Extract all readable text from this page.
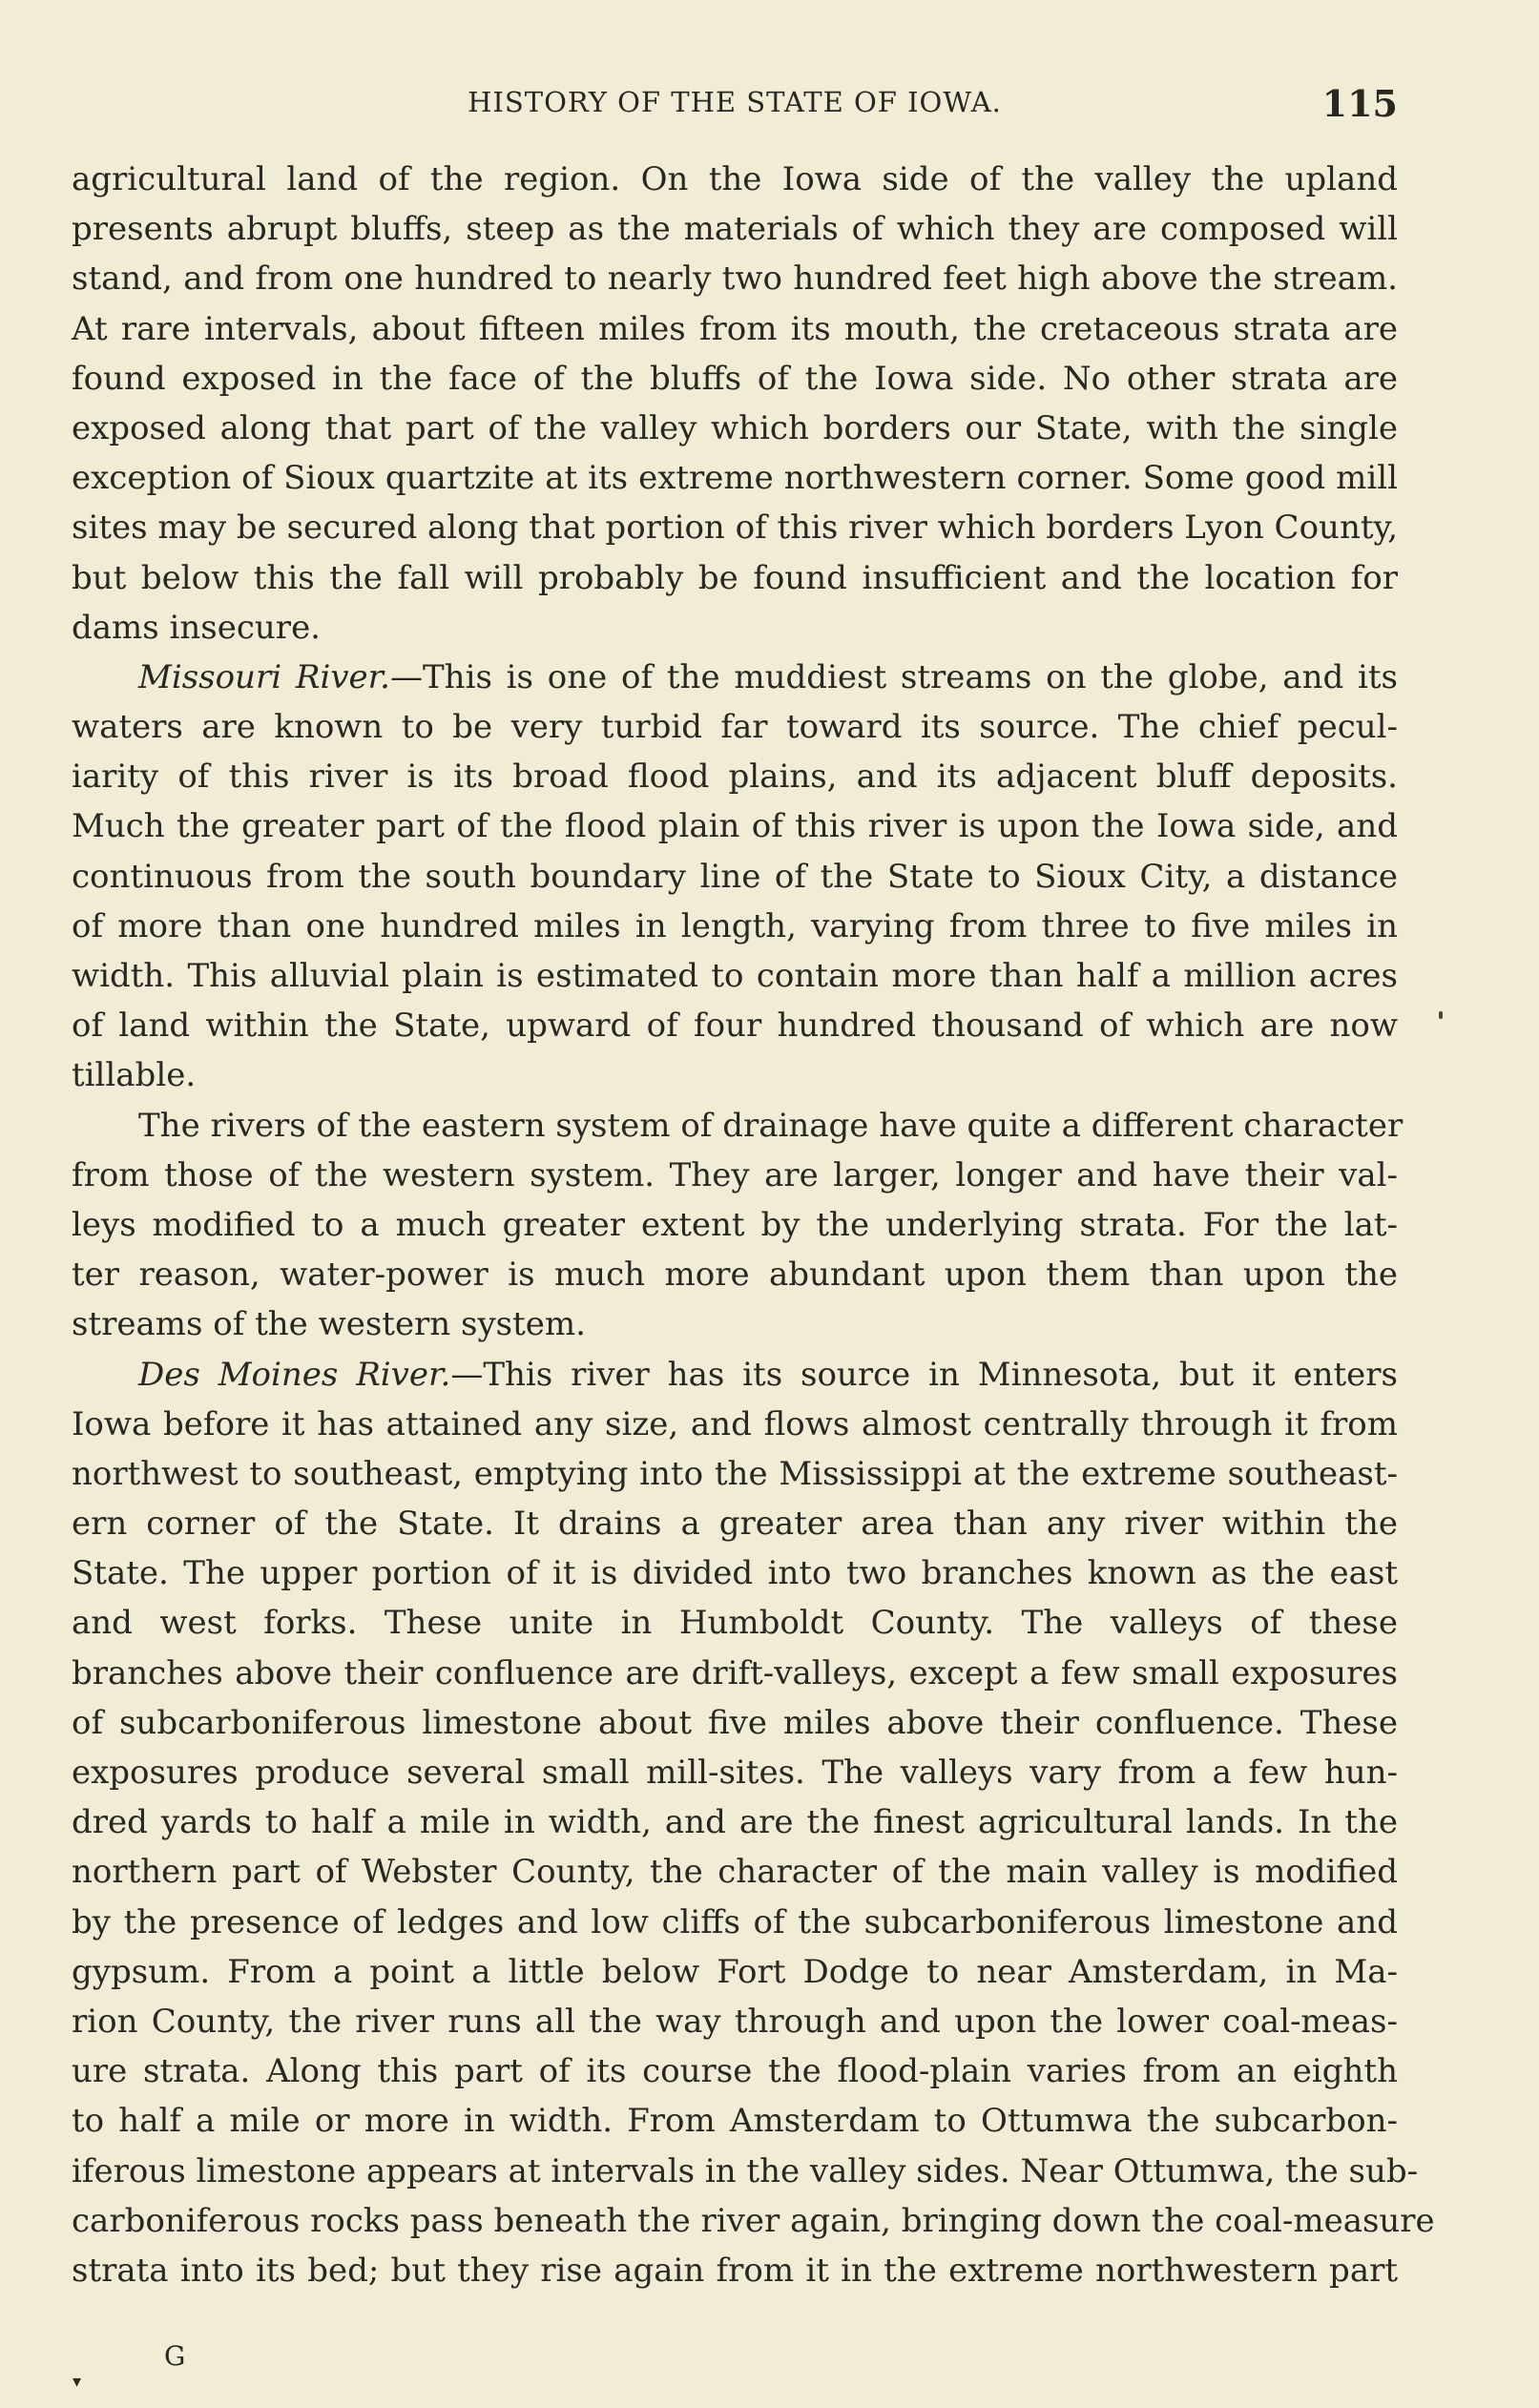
HISTORY OF THE STATE OF IOWA.	115
agricultural land of the region. On the Iowa side of the valley the upland
presents abrupt bluffs, steep as the materials of which they are composed will
stand, and from one hundred to nearly two hundred feet high above the stream.
At rare intervals, about fifteen miles from its mouth, the cretaceous strata are
found exposed in the face of the bluffs of the Iowa side. No other strata are
exposed along that part of the valley which borders our State, with the single
exception of Sioux quartzite at its extreme northwestern corner. Some good mill
sites may be secured along that portion of this river which borders Lyon County,
but below this the fall will probably be found insufficient and the location for
dams insecure.
Missouri River.—This is one of the muddiest streams on the globe, and its
waters are known to be very turbid far toward its source. The chief pecul-
iarity of this river is its broad flood plains, and its adjacent bluff deposits.
Much the greater part of the flood plain of this river is upon the Iowa side, and
continuous from the south boundary line of the State to Sioux City, a distance
of more than one hundred miles in length, varying from three to five miles in
width. This alluvial plain is estimated to contain more than half a million acres
of land within the State, upward of four hundred thousand of which are now
tillable.
The rivers of the eastern system of drainage have quite a different character
from those of the western system. They are larger, longer and have their val-
leys modified to a much greater extent by the underlying strata. For the lat-
ter reason, water-power is much more abundant upon them than upon the
streams of the western system.
Des Moines River.—This river has its source in Minnesota, but it enters
Iowa before it has attained any size, and flows almost centrally through it from
northwest to southeast, emptying into the Mississippi at the extreme southeast-
ern corner of the State. It drains a greater area than any river within the
State. The upper portion of it is divided into two branches known as the east
and west forks. These unite in Humboldt County. The valleys of these
branches above their confluence are drift-valleys, except a few small exposures
of subcarboniferous limestone about five miles above their confluence. These
exposures produce several small mill-sites. The valleys vary from a few hun-
dred yards to half a mile in width, and are the finest agricultural lands. In the
northern part of Webster County, the character of the main valley is modified
by the presence of ledges and low cliffs of the subcarboniferous limestone and
gypsum. From a point a little below Fort Dodge to near Amsterdam, in Ma-
rion County, the river runs all the way through and upon the lower coal-meas-
ure strata. Along this part of its course the flood-plain varies from an eighth
to half a mile or more in width. From Amsterdam to Ottumwa the subcarbon-
iferous limestone appears at intervals in the valley sides. Near Ottumwa, the sub-
carboniferous rocks pass beneath the river again, bringing down the coal-measure
strata into its bed; but they rise again from it in the extreme northwestern part
G
▾
